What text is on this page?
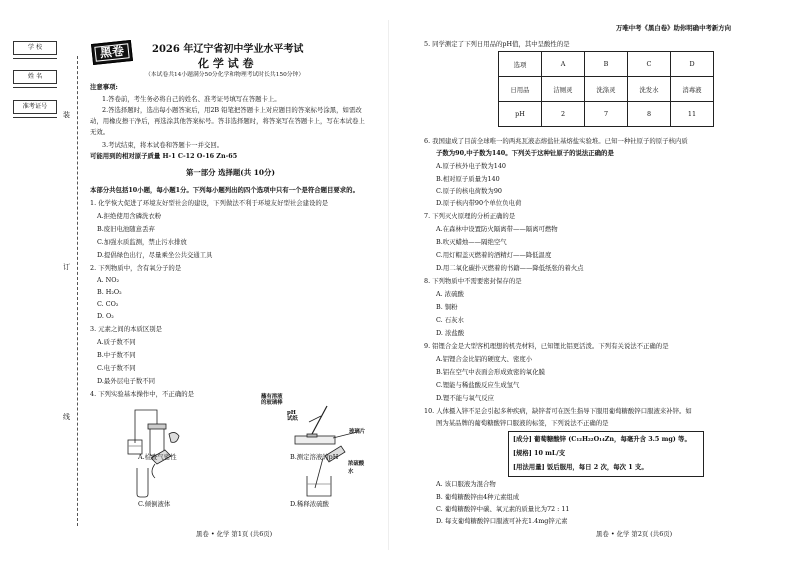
万唯中考《黑白卷》助你明确中考新方向
学 校
姓 名
准考证号
装
订
线
黑卷	2026 年辽宁省初中学业水平考试
化 学 试 卷
（本试卷共14小题满分50分化学和物理考试时长共150分钟）
注意事项:
1.答卷前，考生务必将自己的姓名、准考证号填写在答题卡上。
2.答选择题时，选出每小题答案后，用2B 铅笔把答题卡上对应题目的答案标号涂黑，如需改
动，用橡皮擦干净后，再选涂其他答案标号。答非选择题时，将答案写在答题卡上，写在本试卷上
无效。
3.考试结束，将本试卷和答题卡一并交回。
可能用到的相对原子质量 H-1 C-12 O-16 Zn-65
第一部分 选择题(共 10分)
本部分共包括10小题，每小题1分。下列每小题列出的四个选项中只有一个是符合题目要求的。
1. 化学恢大促进了环境友好型社会的建设，下列做法不利于环境友好型社会建设的是
A.拒绝使用含磷洗衣粉
B.废旧电池随意丢弃
C.加强水质监测，禁止污水排放
D.提倡绿色出行，尽量乘坐公共交通工具
2. 下列物质中，含有氧分子的是
A. NO₂
B. H₂O₂
C. CO₂
D. O₂
3. 元素之间的本质区别是
A.质子数不同
B.中子数不同
C.电子数不同
D.最外层电子数不同
4. 下列实验基本操作中，不正确的是	蘸有溶液
的玻璃棒
pH
试纸
玻璃片
A.检查气密性	B.测定溶液的pH
浓硫酸
水
C.倾倒液体	D.稀释浓硫酸
黑卷 • 化学 第1页 (共6页)
5. 同学测定了下列日用品的pH值，其中呈酸性的是
选项	A	B	C	D
日用品	洁厕灵	洗涤灵	洗发水	消毒液
pH	2	7	8	11
6. 我国建成了目前全球唯一的两兆瓦液态熔盐钍基熔盐实验堆。已知一种钍原子的原子核内质
子数为90,中子数为140。下列关于这种钍原子的说法正确的是
A.原子核外电子数为140
B.相对原子质量为140
C.原子的核电荷数为90
D.原子核内带90个单位负电荷
7. 下列灭火原理的分析正确的是
A.在森林中设置防火隔离带——隔离可燃物
B.吹灭蜡烛——隔绝空气
C.用灯帽盖灭燃着的酒精灯——降低温度
D.用二氧化碳扑灭燃着的书籍——降低纸张的着火点
8. 下列物质中不需要密封保存的是
A. 浓硫酸
B. 铜粉
C. 石灰水
D. 浓盐酸
9. 铝锂合金是大型客机理想的机壳材料，已知锂比铝更活泼。下列有关说法不正确的是
A.铝锂合金比铝的硬度大、密度小
B.铝在空气中表面会形成致密的氧化膜
C.锂能与稀盐酸反应生成氢气
D.锂不能与氧气反应
10. 人体摄入锌不足会引起多种疾病，缺锌者可在医生指导下服用葡萄糖酸锌口服液来补锌。如
图为某品牌的葡萄糖酸锌口服液的标签，下列说法不正确的是
[成分] 葡萄糖酸锌 (C₁₂H₂₂O₁₄Zn，每毫升含 3.5 mg) 等。
[规格] 10 mL/支
[用法用量] 饭后服用，每日 2 次，每次 1 支。
A. 该口服液为混合物
B. 葡萄糖酸锌由4种元素组成
C. 葡萄糖酸锌中碳、氧元素的质量比为72 : 11
D. 每支葡萄糖酸锌口服液可补充1.4mg锌元素
黑卷 • 化学 第2页 (共6页)
